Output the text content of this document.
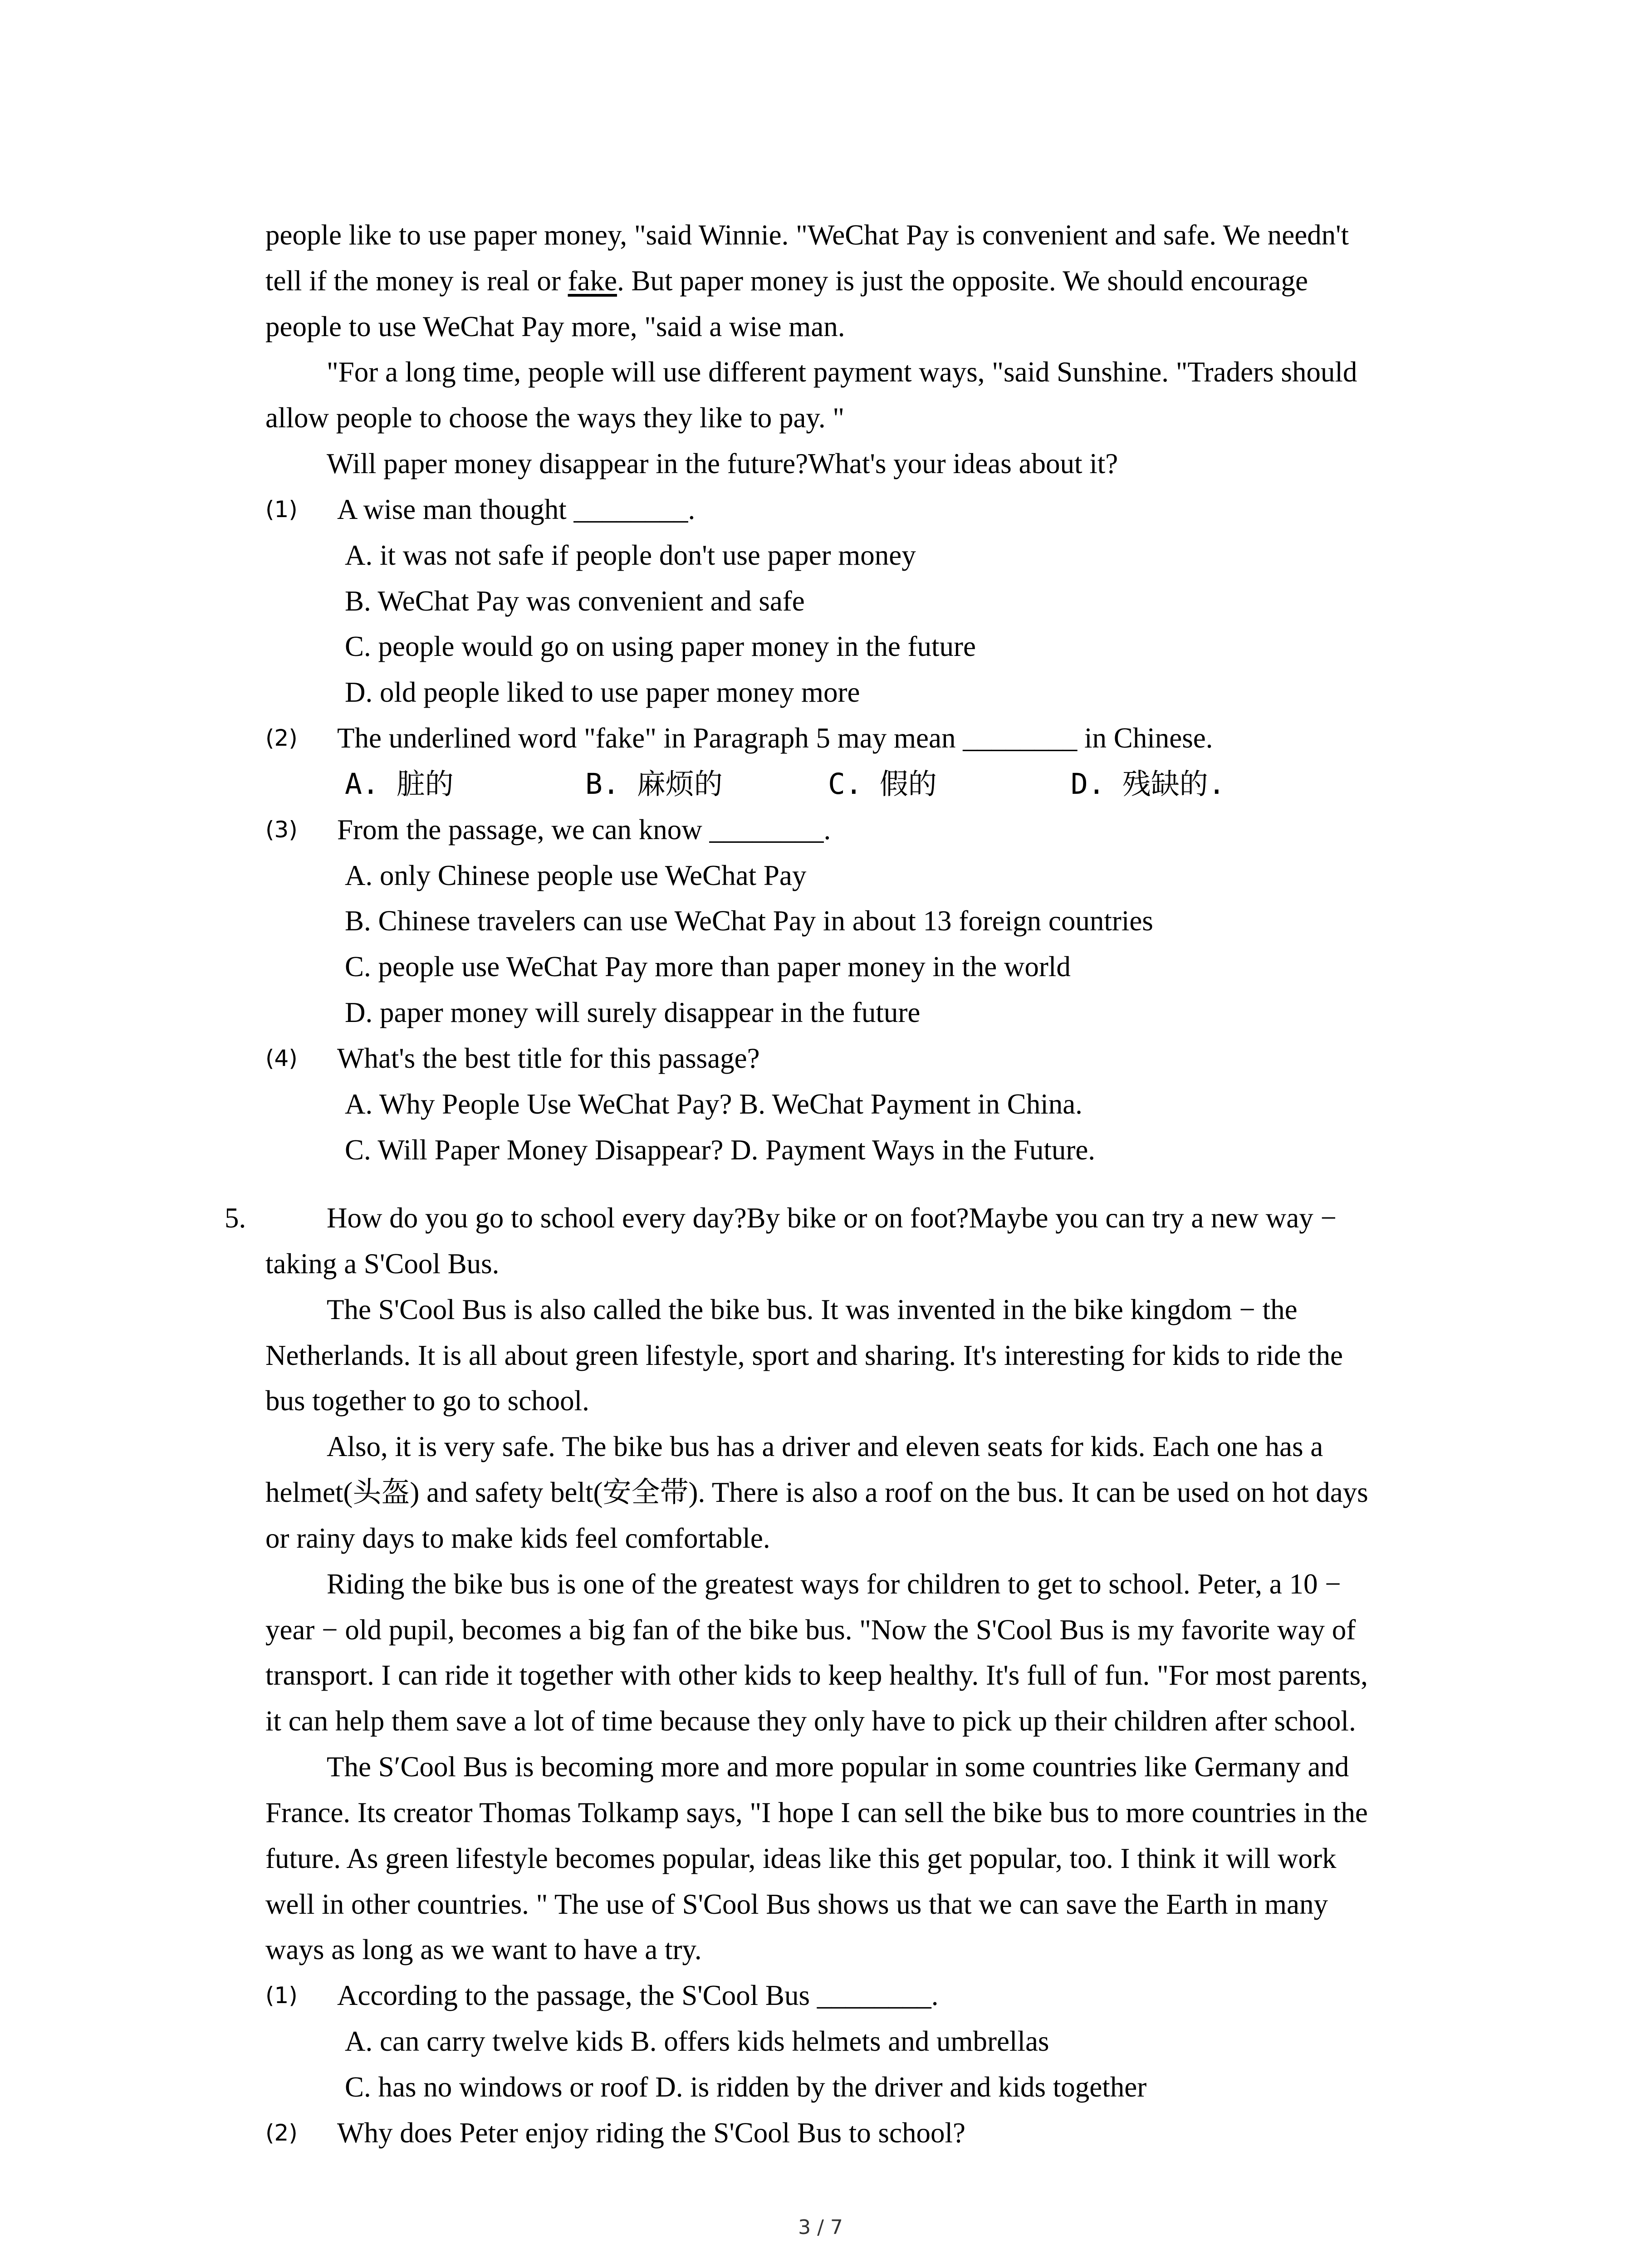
people like to use paper money, "said Winnie. "WeChat Pay is convenient and safe. We needn't
tell if the money is real or fake. But paper money is just the opposite. We should encourage
people to use WeChat Pay more, "said a wise man.
"For a long time, people will use different payment ways, "said Sunshine. "Traders should
allow people to choose the ways they like to pay. "
Will paper money disappear in the future?What's your ideas about it?
(1) A wise man thought ________.
A. it was not safe if people don't use paper money
B. WeChat Pay was convenient and safe
C. people would go on using paper money in the future
D. old people liked to use paper money more
(2) The underlined word "fake" in Paragraph 5 may mean ________ in Chinese.
A. 脏的	B. 麻烦的	C. 假的	D. 残缺的.
(3) From the passage, we can know ________.
A. only Chinese people use WeChat Pay
B. Chinese travelers can use WeChat Pay in about 13 foreign countries
C. people use WeChat Pay more than paper money in the world
D. paper money will surely disappear in the future
(4) What's the best title for this passage?
A. Why People Use WeChat Pay? B. WeChat Payment in China.
C. Will Paper Money Disappear? D. Payment Ways in the Future.
5.	How do you go to school every day?By bike or on foot?Maybe you can try a new way −
taking a S'Cool Bus.
The S'Cool Bus is also called the bike bus. It was invented in the bike kingdom − the
Netherlands. It is all about green lifestyle, sport and sharing. It's interesting for kids to ride the
bus together to go to school.
Also, it is very safe. The bike bus has a driver and eleven seats for kids. Each one has a
helmet(头盔) and safety belt(安全带). There is also a roof on the bus. It can be used on hot days
or rainy days to make kids feel comfortable.
Riding the bike bus is one of the greatest ways for children to get to school. Peter, a 10 −
year − old pupil, becomes a big fan of the bike bus. "Now the S'Cool Bus is my favorite way of
transport. I can ride it together with other kids to keep healthy. It's full of fun. "For most parents,
it can help them save a lot of time because they only have to pick up their children after school.
The S′Cool Bus is becoming more and more popular in some countries like Germany and
France. Its creator Thomas Tolkamp says, "I hope I can sell the bike bus to more countries in the
future. As green lifestyle becomes popular, ideas like this get popular, too. I think it will work
well in other countries. " The use of S'Cool Bus shows us that we can save the Earth in many
ways as long as we want to have a try.
(1) According to the passage, the S'Cool Bus ________.
A. can carry twelve kids B. offers kids helmets and umbrellas
C. has no windows or roof D. is ridden by the driver and kids together
(2) Why does Peter enjoy riding the S'Cool Bus to school?
3 / 7
